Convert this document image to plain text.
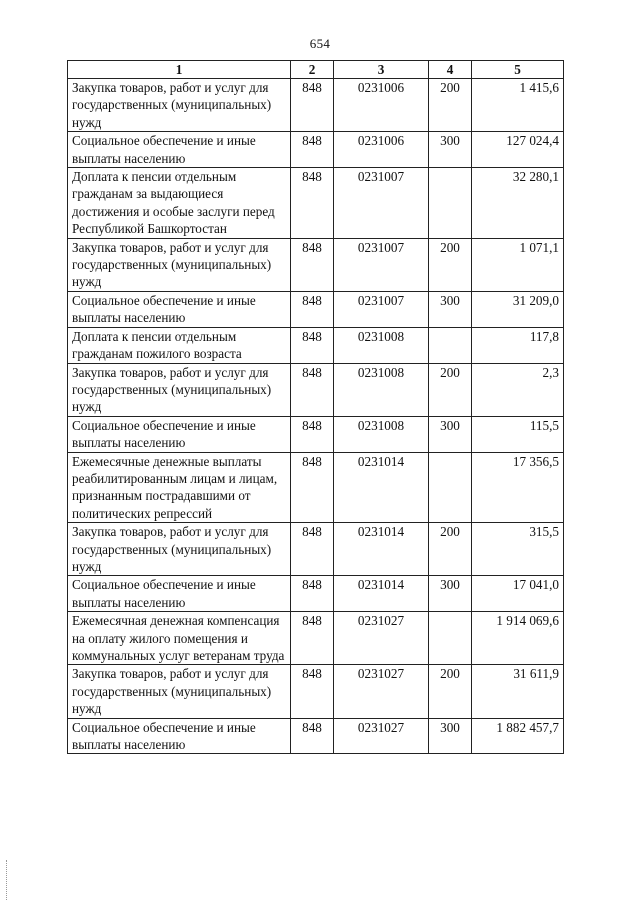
654
1	2	3	4	5
Закупка товаров, работ и услуг для государственных (муниципальных) нужд	848	0231006	200	1 415,6
Социальное обеспечение и иные выплаты населению	848	0231006	300	127 024,4
Доплата к пенсии отдельным гражданам за выдающиеся достижения и особые заслуги перед Республикой Башкортостан	848	0231007		32 280,1
Закупка товаров, работ и услуг для государственных (муниципальных) нужд	848	0231007	200	1 071,1
Социальное обеспечение и иные выплаты населению	848	0231007	300	31 209,0
Доплата к пенсии отдельным гражданам пожилого возраста	848	0231008		117,8
Закупка товаров, работ и услуг для государственных (муниципальных) нужд	848	0231008	200	2,3
Социальное обеспечение и иные выплаты населению	848	0231008	300	115,5
Ежемесячные денежные выплаты реабилитированным лицам и лицам, признанным пострадавшими от политических репрессий	848	0231014		17 356,5
Закупка товаров, работ и услуг для государственных (муниципальных) нужд	848	0231014	200	315,5
Социальное обеспечение и иные выплаты населению	848	0231014	300	17 041,0
Ежемесячная денежная компенсация на оплату жилого помещения и коммунальных услуг ветеранам труда	848	0231027		1 914 069,6
Закупка товаров, работ и услуг для государственных (муниципальных) нужд	848	0231027	200	31 611,9
Социальное обеспечение и иные выплаты населению	848	0231027	300	1 882 457,7
